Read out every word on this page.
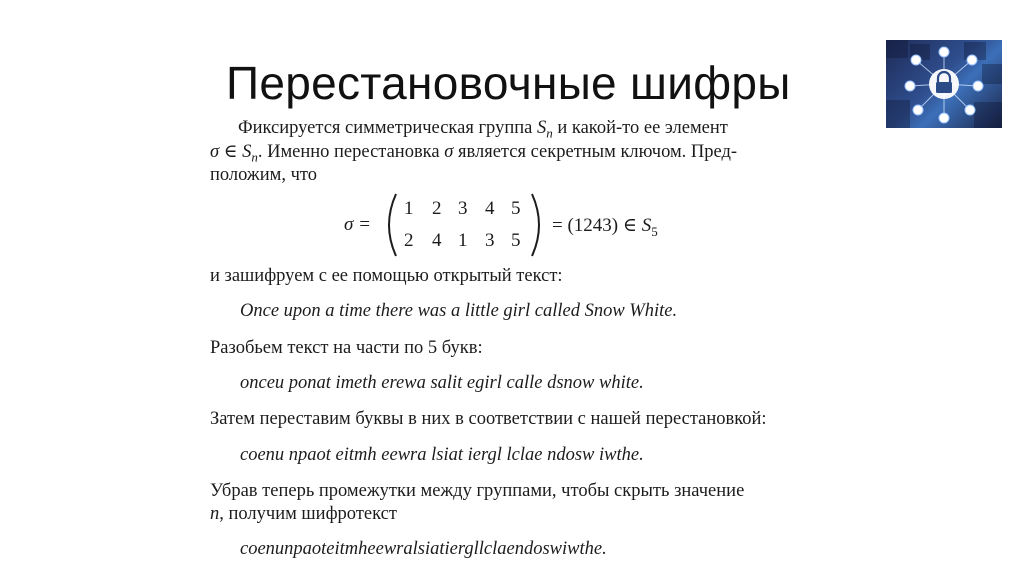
Перестановочные шифры
Фиксируется симметрическая группа $S_n$ и какой-то ее элемент
σ ∈ $S_n$. Именно перестановка σ является секретным ключом. Пред-
положим, что
σ =
1 2 3 4 5
2 4 1 3 5
= (1243) ∈ $S_5$
и зашифруем с ее помощью открытый текст:
Once upon a time there was a little girl called Snow White.
Разобьем текст на части по 5 букв:
onceu ponat imeth erewa salit egirl calle dsnow white.
Затем переставим буквы в них в соответствии с нашей перестановкой:
coenu npaot eitmh eewra lsiat iergl lclae ndosw iwthe.
Убрав теперь промежутки между группами, чтобы скрыть значение
n, получим шифротекст
coenunpaoteitmheewralsiatiergllclaendoswiwthe.
